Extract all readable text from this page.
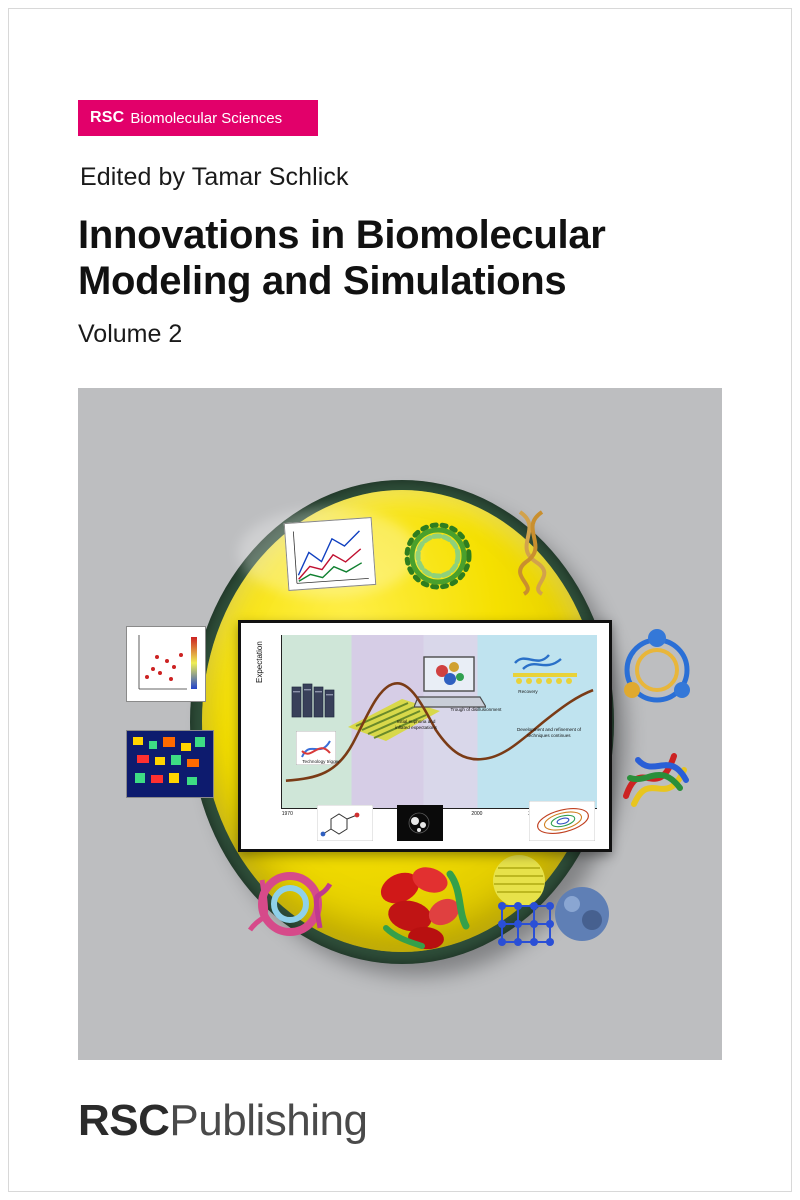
RSC Biomolecular Sciences
Edited by Tamar Schlick
Innovations in Biomolecular Modeling and Simulations
Volume 2
Expectation
Technology trigger
Initial euphoria and inflated expectations
Trough of disillusionment
Recovery
Development and refinement of techniques continues
1970	2000
RSCPublishing
